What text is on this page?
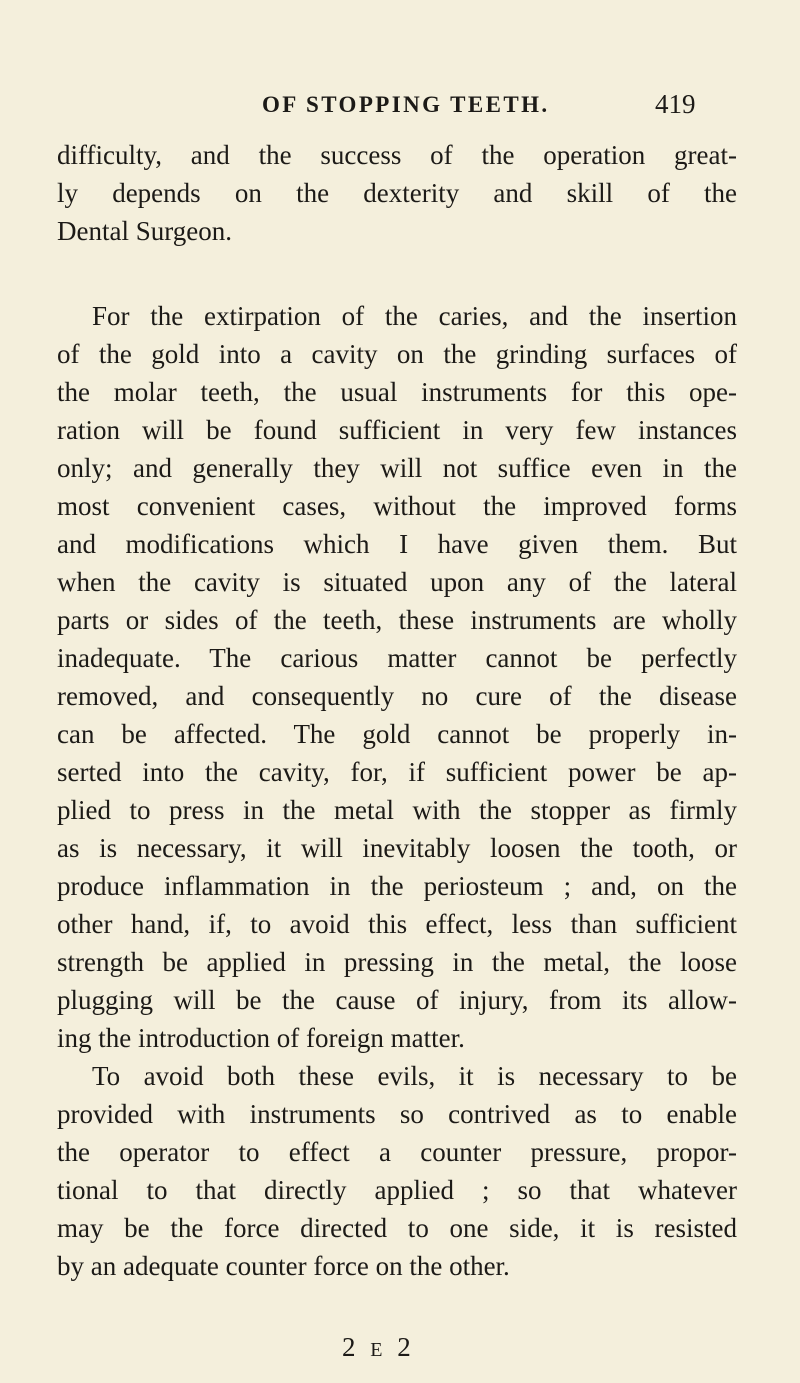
OF STOPPING TEETH.	419
difficulty, and the success of the operation great-
ly depends on the dexterity and skill of the
Dental Surgeon.
For the extirpation of the caries, and the insertion
of the gold into a cavity on the grinding surfaces of
the molar teeth, the usual instruments for this ope-
ration will be found sufficient in very few instances
only; and generally they will not suffice even in the
most convenient cases, without the improved forms
and modifications which I have given them. But
when the cavity is situated upon any of the lateral
parts or sides of the teeth, these instruments are wholly
inadequate. The carious matter cannot be perfectly
removed, and consequently no cure of the disease
can be affected. The gold cannot be properly in-
serted into the cavity, for, if sufficient power be ap-
plied to press in the metal with the stopper as firmly
as is necessary, it will inevitably loosen the tooth, or
produce inflammation in the periosteum ; and, on the
other hand, if, to avoid this effect, less than sufficient
strength be applied in pressing in the metal, the loose
plugging will be the cause of injury, from its allow-
ing the introduction of foreign matter.
To avoid both these evils, it is necessary to be
provided with instruments so contrived as to enable
the operator to effect a counter pressure, propor-
tional to that directly applied ; so that whatever
may be the force directed to one side, it is resisted
by an adequate counter force on the other.
2 E 2
